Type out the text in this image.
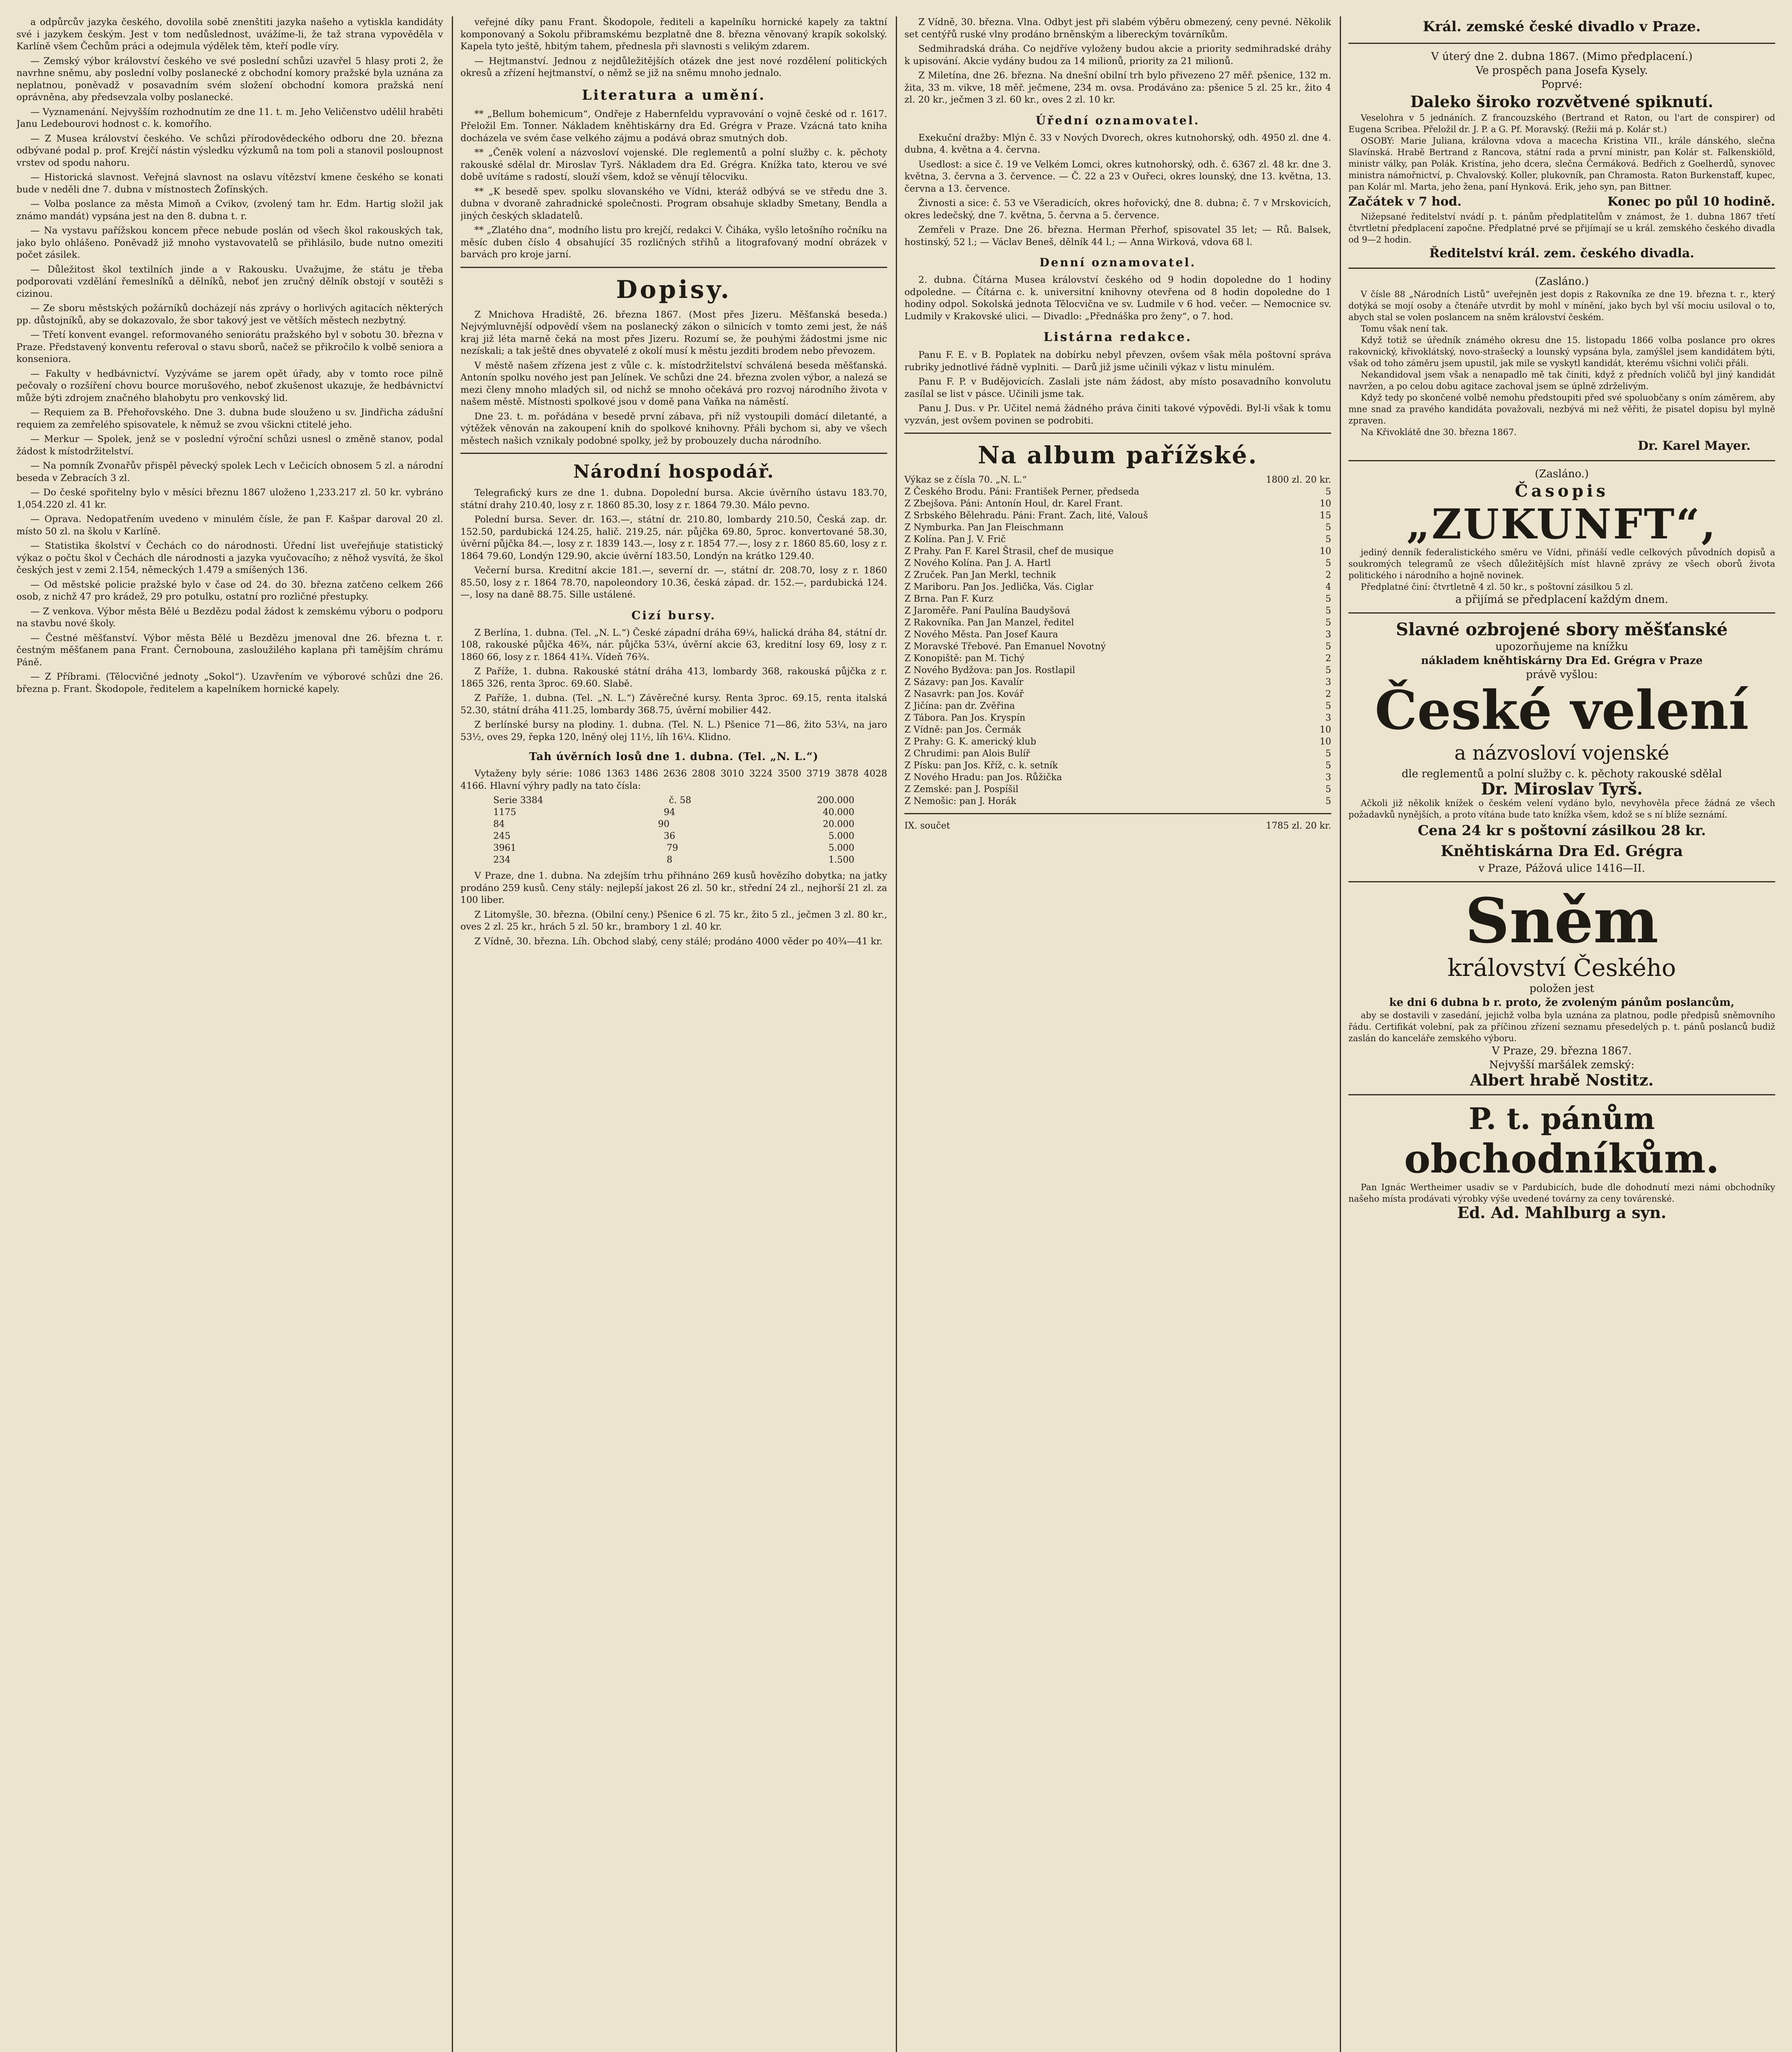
a odpůrcův jazyka českého, dovolila sobě znenštiti jazyka našeho a vytiskla kandidáty své i jazykem českým. Jest v tom nedůslednost, uvážíme-li, že taž strana vypověděla v Karlíně všem Čechům práci a odejmula výdělek těm, kteří podle víry.

— Zemský výbor království českého ve své poslední schůzi uzavřel 5 hlasy proti 2, že navrhne sněmu, aby poslední volby poslanecké z obchodní komory pražské byla uznána za neplatnou, poněvadž v posavadním svém složení obchodní komora pražská není oprávněna, aby předsevzala volby poslanecké.

— Vyznamenání. Nejvyšším rozhodnutím ze dne 11. t. m. Jeho Veličenstvo udělil hraběti Janu Ledebourovi hodnost c. k. komořího.

— Z Musea království českého. Ve schůzi přírodovědeckého odboru dne 20. března odbývané podal p. prof. Krejčí nástin výsledku výzkumů na tom poli a stanovil posloupnost vrstev od spodu nahoru.

— Historická slavnost. Veřejná slavnost na oslavu vítězství kmene českého se konati bude v neděli dne 7. dubna v místnostech Žofínských.

— Volba poslance za města Mimoň a Cvikov, (zvolený tam hr. Edm. Hartig složil jak známo mandát) vypsána jest na den 8. dubna t. r.

— Na vystavu pařížskou koncem přece nebude poslán od všech škol rakouských tak, jako bylo ohlášeno. Poněvadž již mnoho vystavovatelů se přihlásilo, bude nutno omeziti počet zásilek.

— Důležitost škol textilních jinde a v Rakousku. Uvažujme, že státu je třeba podporovati vzdělání řemeslníků a dělníků, neboť jen zručný dělník obstojí v soutěži s cizinou.

— Ze sboru městských požárníků docházejí nás zprávy o horlivých agitacích některých pp. důstojníků, aby se dokazovalo, že sbor takový jest ve větších městech nezbytný.

— Třetí konvent evangel. reformovaného seniorátu pražského byl v sobotu 30. března v Praze. Představený konventu referoval o stavu sborů, načež se přikročilo k volbě seniora a konseniora.

— Fakulty v hedbávnictví. Vyzýváme se jarem opět úřady, aby v tomto roce pilně pečovaly o rozšíření chovu bource morušového, neboť zkušenost ukazuje, že hedbávnictví může býti zdrojem značného blahobytu pro venkovský lid.

— Requiem za B. Přehořovského. Dne 3. dubna bude slouženo u sv. Jindřicha zádušní requiem za zemřelého spisovatele, k němuž se zvou všickni ctitelé jeho.

— Merkur — Spolek, jenž se v poslední výroční schůzi usnesl o změně stanov, podal žádost k místodržitelství.

— Na pomník Zvonařův přispěl pěvecký spolek Lech v Lečicích obnosem 5 zl. a národní beseda v Zebracích 3 zl.

— Do české spořitelny bylo v měsíci březnu 1867 uloženo 1,233.217 zl. 50 kr. vybráno 1,054.220 zl. 41 kr.

— Oprava. Nedopatřením uvedeno v minulém čísle, že pan F. Kašpar daroval 20 zl. místo 50 zl. na školu v Karlíně.

— Statistika školství v Čechách co do národnosti. Úřední list uveřejňuje statistický výkaz o počtu škol v Čechách dle národnosti a jazyka vyučovacího; z něhož vysvítá, že škol českých jest v zemi 2.154, německých 1.479 a smíšených 136.

— Od městské policie pražské bylo v čase od 24. do 30. března zatčeno celkem 266 osob, z nichž 47 pro krádež, 29 pro potulku, ostatní pro rozličné přestupky.

— Z venkova. Výbor města Bělé u Bezdězu podal žádost k zemskému výboru o podporu na stavbu nové školy.

— Čestné měšťanství. Výbor města Bělé u Bezdězu jmenoval dne 26. března t. r. čestným měšťanem pana Frant. Černobouna, zasloužilého kaplana při tamějším chrámu Páně.

— Z Příbrami. (Tělocvičné jednoty „Sokol“). Uzavřením ve výborové schůzi dne 26. března p. Frant. Škodopole, ředitelem a kapelníkem hornické kapely.

veřejné díky panu Frant. Škodopole, řediteli a kapelníku hornické kapely za taktní komponovaný a Sokolu přibramskému bezplatně dne 8. března věnovaný krapík sokolský. Kapela tyto ještě, hbitým tahem, přednesla při slavnosti s velikým zdarem.

— Hejtmanství. Jednou z nejdůležitějších otázek dne jest nové rozdělení politických okresů a zřízení hejtmanství, o němž se již na sněmu mnoho jednalo.

Literatura a umění.

** „Bellum bohemicum“, Ondřeje z Habernfeldu vypravování o vojně české od r. 1617. Přeložil Em. Tonner. Nákladem kněhtiskárny dra Ed. Grégra v Praze. Vzácná tato kniha docházela ve svém čase velkého zájmu a podává obraz smutných dob.

** „Čeněk volení a názvosloví vojenské. Dle reglementů a polní služby c. k. pěchoty rakouské sdělal dr. Miroslav Tyrš. Nákladem dra Ed. Grégra. Knížka tato, kterou ve své době uvítáme s radostí, slouží všem, kdož se věnují tělocviku.

** „K besedě spev. spolku slovanského ve Vídni, kteráž odbývá se ve středu dne 3. dubna v dvoraně zahradnické společnosti. Program obsahuje skladby Smetany, Bendla a jiných českých skladatelů.

** „Zlatého dna“, modního listu pro krejčí, redakci V. Čiháka, vyšlo letošního ročníku na měsíc duben číslo 4 obsahující 35 rozličných střihů a litografovaný modní obrázek v barvách pro kroje jarní.

Dopisy.

Z Mnichova Hradiště, 26. března 1867. (Most přes Jizeru. Měšťanská beseda.) Nejvýmluvnější odpovědí všem na poslanecký zákon o silnicích v tomto zemi jest, že náš kraj již léta marně čeká na most přes Jizeru. Rozumí se, že pouhými žádostmi jsme nic nezískali; a tak ještě dnes obyvatelé z okolí musí k městu jezditi brodem nebo převozem.

V městě našem zřízena jest z vůle c. k. místodržitelství schválená beseda měšťanská. Antonín spolku nového jest pan Jelínek. Ve schůzi dne 24. března zvolen výbor, a nalezá se mezi členy mnoho mladých sil, od nichž se mnoho očekává pro rozvoj národního života v našem městě. Místnosti spolkové jsou v domě pana Vaňka na náměstí.

Dne 23. t. m. pořádána v besedě první zábava, při níž vystoupili domácí diletanté, a výtěžek věnován na zakoupení knih do spolkové knihovny. Přáli bychom si, aby ve všech městech našich vznikaly podobné spolky, jež by probouzely ducha národního.

Národní hospodář.

Telegrafický kurs ze dne 1. dubna. Dopolední bursa. Akcie úvěrního ústavu 183.70, státní drahy 210.40, losy z r. 1860 85.30, losy z r. 1864 79.30. Málo pevno.

Polední bursa. Sever. dr. 163.—, státní dr. 210.80, lombardy 210.50, Česká zap. dr. 152.50, pardubická 124.25, halič. 219.25, nár. půjčka 69.80, 5proc. konvertované 58.30, úvěrní půjčka 84.—, losy z r. 1839 143.—, losy z r. 1854 77.—, losy z r. 1860 85.60, losy z r. 1864 79.60, Londýn 129.90, akcie úvěrní 183.50, Londýn na krátko 129.40.

Večerní bursa. Kreditní akcie 181.—, severní dr. —, státní dr. 208.70, losy z r. 1860 85.50, losy z r. 1864 78.70, napoleondory 10.36, česká západ. dr. 152.—, pardubická 124.—, losy na daně 88.75. Sille ustálené.

Cizí bursy.

Z Berlína, 1. dubna. (Tel. „N. L.“) České západní dráha 69¼, halická dráha 84, státní dr. 108, rakouské půjčka 46¾, nár. půjčka 53¼, úvěrní akcie 63, kreditní losy 69, losy z r. 1860 66, losy z r. 1864 41¾. Vídeň 76¾.

Z Paříže, 1. dubna. Rakouské státní dráha 413, lombardy 368, rakouská půjčka z r. 1865 326, renta 3proc. 69.60. Slabě.

Z Paříže, 1. dubna. (Tel. „N. L.“) Závěrečné kursy. Renta 3proc. 69.15, renta italská 52.30, státní dráha 411.25, lombardy 368.75, úvěrní mobilier 442.

Z berlínské bursy na plodiny. 1. dubna. (Tel. N. L.) Pšenice 71—86, žito 53¼, na jaro 53½, oves 29, řepka 120, lněný olej 11½, líh 16¼. Klidno.

Tah úvěrních losů dne 1. dubna. (Tel. „N. L.“)

Vytaženy byly série: 1086 1363 1486 2636 2808 3010 3224 3500 3719 3878 4028 4166. Hlavní výhry padly na tato čísla:

Serie 3384	č. 58	200.000
1175	94	40.000
84	90	20.000
245	36	5.000
3961	79	5.000
234	8	1.500

V Praze, dne 1. dubna. Na zdejším trhu přihnáno 269 kusů hovězího dobytka; na jatky prodáno 259 kusů. Ceny stály: nejlepší jakost 26 zl. 50 kr., střední 24 zl., nejhorší 21 zl. za 100 liber.

Z Litomyšle, 30. března. (Obilní ceny.) Pšenice 6 zl. 75 kr., žito 5 zl., ječmen 3 zl. 80 kr., oves 2 zl. 25 kr., hrách 5 zl. 50 kr., brambory 1 zl. 40 kr.

Z Vídně, 30. března. Líh. Obchod slabý, ceny stálé; prodáno 4000 věder po 40¾—41 kr.

Z Vídně, 30. března. Vlna. Odbyt jest při slabém výběru obmezený, ceny pevné. Několik set centýřů ruské vlny prodáno brněnským a libereckým továrníkům.

Sedmihradská dráha. Co nejdříve vyloženy budou akcie a priority sedmihradské dráhy k upisování. Akcie vydány budou za 14 milionů, priority za 21 milionů.

Z Miletína, dne 26. března. Na dnešní obilní trh bylo přivezeno 27 měř. pšenice, 132 m. žita, 33 m. vikve, 18 měř. ječmene, 234 m. ovsa. Prodáváno za: pšenice 5 zl. 25 kr., žito 4 zl. 20 kr., ječmen 3 zl. 60 kr., oves 2 zl. 10 kr.

Úřední oznamovatel.

Exekuční dražby: Mlýn č. 33 v Nových Dvorech, okres kutnohorský, odh. 4950 zl. dne 4. dubna, 4. května a 4. června.

Usedlost: a sice č. 19 ve Velkém Lomci, okres kutnohorský, odh. č. 6367 zl. 48 kr. dne 3. května, 3. června a 3. července. — Č. 22 a 23 v Ouřeci, okres lounský, dne 13. května, 13. června a 13. července.

Živnosti a sice: č. 53 ve Všeradicích, okres hořovický, dne 8. dubna; č. 7 v Mrskovicích, okres ledečský, dne 7. května, 5. června a 5. července.

Zemřeli v Praze. Dne 26. března. Herman Přerhof, spisovatel 35 let; — Rů. Balsek, hostinský, 52 l.; — Václav Beneš, dělník 44 l.; — Anna Wirková, vdova 68 l.

Denní oznamovatel.

2. dubna. Čítárna Musea království českého od 9 hodin dopoledne do 1 hodiny odpoledne. — Čítárna c. k. universitní knihovny otevřena od 8 hodin dopoledne do 1 hodiny odpol. Sokolská jednota Tělocvična ve sv. Ludmile v 6 hod. večer. — Nemocnice sv. Ludmily v Krakovské ulici. — Divadlo: „Přednáška pro ženy“, o 7. hod.

Listárna redakce.

Panu F. E. v B. Poplatek na dobírku nebyl převzen, ovšem však měla poštovní správa rubriky jednotlivé řádně vyplniti. — Darů již jsme učinili výkaz v listu minulém.

Panu F. P. v Budějovicích. Zaslali jste nám žádost, aby místo posavadního konvolutu zasílal se list v pásce. Učinili jsme tak.

Panu J. Dus. v Pr. Učitel nemá žádného práva činiti takové výpovědi. Byl-li však k tomu vyzván, jest ovšem povinen se podrobiti.

Na album pařížské.
Výkaz se z čísla 70. „N. L.“	1800 zl. 20 kr.
Z Českého Brodu. Páni: František Perner, předseda	5
Z Zbejšova. Páni: Antonín Houl, dr. Karel Frant.	10
Z Srbského Bělehradu. Páni: Frant. Zach, lité, Valouš	15
Z Nymburka. Pan Jan Fleischmann	5
Z Kolína. Pan J. V. Frič	5
Z Prahy. Pan F. Karel Štrasil, chef de musique	10
Z Nového Kolína. Pan J. A. Hartl	5
Z Zruček. Pan Jan Merkl, technik	2
Z Mariboru. Pan Jos. Jedlička, Vás. Ciglar	4
Z Brna. Pan F. Kurz	5
Z Jaroměře. Paní Paulína Baudyšová	5
Z Rakovníka. Pan Jan Manzel, ředitel	5
Z Nového Města. Pan Josef Kaura	3
Z Moravské Třebové. Pan Emanuel Novotný	5
Z Konopiště: pan M. Tichý	2
Z Nového Bydžova: pan Jos. Rostlapil	5
Z Sázavy: pan Jos. Kavalír	3
Z Nasavrk: pan Jos. Kovář	2
Z Jičína: pan dr. Zvěřina	5
Z Tábora. Pan Jos. Kryspín	3
Z Vídně: pan Jos. Čermák	10
Z Prahy: G. K. americký klub	10
Z Chrudimi: pan Alois Bulíř	5
Z Písku: pan Jos. Kříž, c. k. setník	5
Z Nového Hradu: pan Jos. Růžička	3
Z Zemské: pan J. Pospíšil	5
Z Nemošic: pan J. Horák	5
IX. součet	1785 zl. 20 kr.
Král. zemské české divadlo v Praze.
V úterý dne 2. dubna 1867. (Mimo předplacení.)
Ve prospěch pana Josefa Kysely.
Poprvé:
Daleko široko rozvětvené spiknutí.
Veselohra v 5 jednáních. Z francouzského (Bertrand et Raton, ou l'art de conspirer) od Eugena Scribea. Přeložil dr. J. P. a G. Pf. Moravský. (Režii má p. Kolár st.)
OSOBY: Marie Juliana, královna vdova a macecha Kristina VII., krále dánského, slečna Slavínská. Hrabě Bertrand z Rancova, státní rada a první ministr, pan Kolár st. Falkenskiöld, ministr války, pan Polák. Kristína, jeho dcera, slečna Čermáková. Bedřich z Goelherdů, synovec ministra námořnictví, p. Chvalovský. Koller, plukovník, pan Chramosta. Raton Burkenstaff, kupec, pan Kolár ml. Marta, jeho žena, paní Hynková. Erik, jeho syn, pan Bittner.
Začátek v 7 hod.	Konec po půl 10 hodině.
Nižepsané ředitelství nvádí p. t. pánům předplatitelům v známost, že 1. dubna 1867 třetí čtvrtletní předplacení započne. Předplatné prvé se přijímají se u král. zemského českého divadla od 9—2 hodin.
Ředitelství král. zem. českého divadla.
(Zasláno.)
V čísle 88 „Národních Listů“ uveřejněn jest dopis z Rakovníka ze dne 19. března t. r., který dotýká se mojí osoby a čtenáře utvrdit by mohl v mínění, jako bych byl vší mociu usiloval o to, abych stal se volen poslancem na sněm království českém.
Tomu však není tak.
Když totiž se úředník známého okresu dne 15. listopadu 1866 volba poslance pro okres rakovnický, křivoklátský, novo-strašecký a lounský vypsána byla, zamýšlel jsem kandidátem býti, však od toho záměru jsem upustil, jak mile se vyskytl kandidát, kterému všichni voliči přáli.
Nekandidoval jsem však a nenapadlo mě tak činiti, když z předních voličů byl jiný kandidát navržen, a po celou dobu agitace zachoval jsem se úplně zdrželivým.
Když tedy po skončené volbě nemohu předstoupiti před své spoluobčany s oním záměrem, aby mne snad za pravého kandidáta považovali, nezbývá mi než věřiti, že pisatel dopisu byl mylně zpraven.
Na Křivoklátě dne 30. března 1867.
Dr. Karel Mayer.
(Zasláno.)
Časopis
„ZUKUNFT“,
jediný denník federalistického směru ve Vídni, přináší vedle celkových původních dopisů a soukromých telegramů ze všech důležitějších míst hlavně zprávy ze všech oborů života politického i národního a hojně novinek.
Předplatné činí: čtvrtletně 4 zl. 50 kr., s poštovní zásilkou 5 zl.
a přijímá se předplacení každým dnem.
Slavné ozbrojené sbory měšťanské
upozorňujeme na knížku
nákladem kněhtiskárny Dra Ed. Grégra v Praze
právě vyšlou:
České velení
a názvosloví vojenské
dle reglementů a polní služby c. k. pěchoty rakouské sdělal
Dr. Miroslav Tyrš.
Ačkoli již několik knížek o českém velení vydáno bylo, nevyhověla přece žádná ze všech požadavků nynějších, a proto vítána bude tato knížka všem, kdož se s ní blíže seznámí.
Cena 24 kr s poštovní zásilkou 28 kr.
Kněhtiskárna Dra Ed. Grégra
v Praze, Pážová ulice 1416—II.
Sněm
království Českého
položen jest
ke dni 6 dubna b r. proto, že zvoleným pánům poslancům,
aby se dostavili v zasedání, jejichž volba byla uznána za platnou, podle předpisů sněmovního řádu. Certifikát volební, pak za příčinou zřízení seznamu přesedelých p. t. pánů poslanců budiž zaslán do kanceláře zemského výboru.
V Praze, 29. března 1867.
Nejvyšší maršálek zemský:
Albert hrabě Nostitz.
P. t. pánům
obchodníkům.
Pan Ignác Wertheimer usadiv se v Pardubicích, bude dle dohodnutí mezi námi obchodníky našeho místa prodávati výrobky výše uvedené továrny za ceny továrenské.
Ed. Ad. Mahlburg a syn.
